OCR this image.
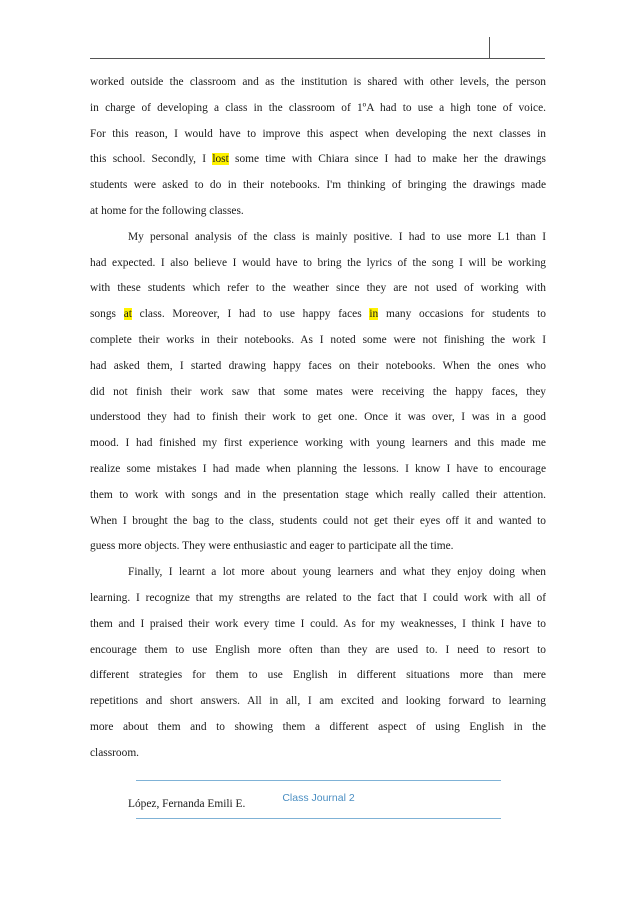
worked outside the classroom and as the institution is shared with other levels, the person
in charge of developing a class in the classroom of 1ºA had to use a high tone of voice.
For this reason, I would have to improve this aspect when developing the next classes in
this school. Secondly, I lost some time with Chiara since I had to make her the drawings
students were asked to do in their notebooks. I'm thinking of bringing the drawings made
at home for the following classes.
My personal analysis of the class is mainly positive. I had to use more L1 than I
had expected. I also believe I would have to bring the lyrics of the song I will be working
with these students which refer to the weather since they are not used of working with
songs at class. Moreover, I had to use happy faces in many occasions for students to
complete their works in their notebooks. As I noted some were not finishing the work I
had asked them, I started drawing happy faces on their notebooks. When the ones who
did not finish their work saw that some mates were receiving the happy faces, they
understood they had to finish their work to get one. Once it was over, I was in a good
mood. I had finished my first experience working with young learners and this made me
realize some mistakes I had made when planning the lessons. I know I have to encourage
them to work with songs and in the presentation stage which really called their attention.
When I brought the bag to the class, students could not get their eyes off it and wanted to
guess more objects. They were enthusiastic and eager to participate all the time.
Finally, I learnt a lot more about young learners and what they enjoy doing when
learning. I recognize that my strengths are related to the fact that I could work with all of
them and I praised their work every time I could. As for my weaknesses, I think I have to
encourage them to use English more often than they are used to. I need to resort to
different strategies for them to use English in different situations more than mere
repetitions and short answers. All in all, I am excited and looking forward to learning
more about them and to showing them a different aspect of using English in the
classroom.
López, Fernanda Emili E.
Class Journal 2
